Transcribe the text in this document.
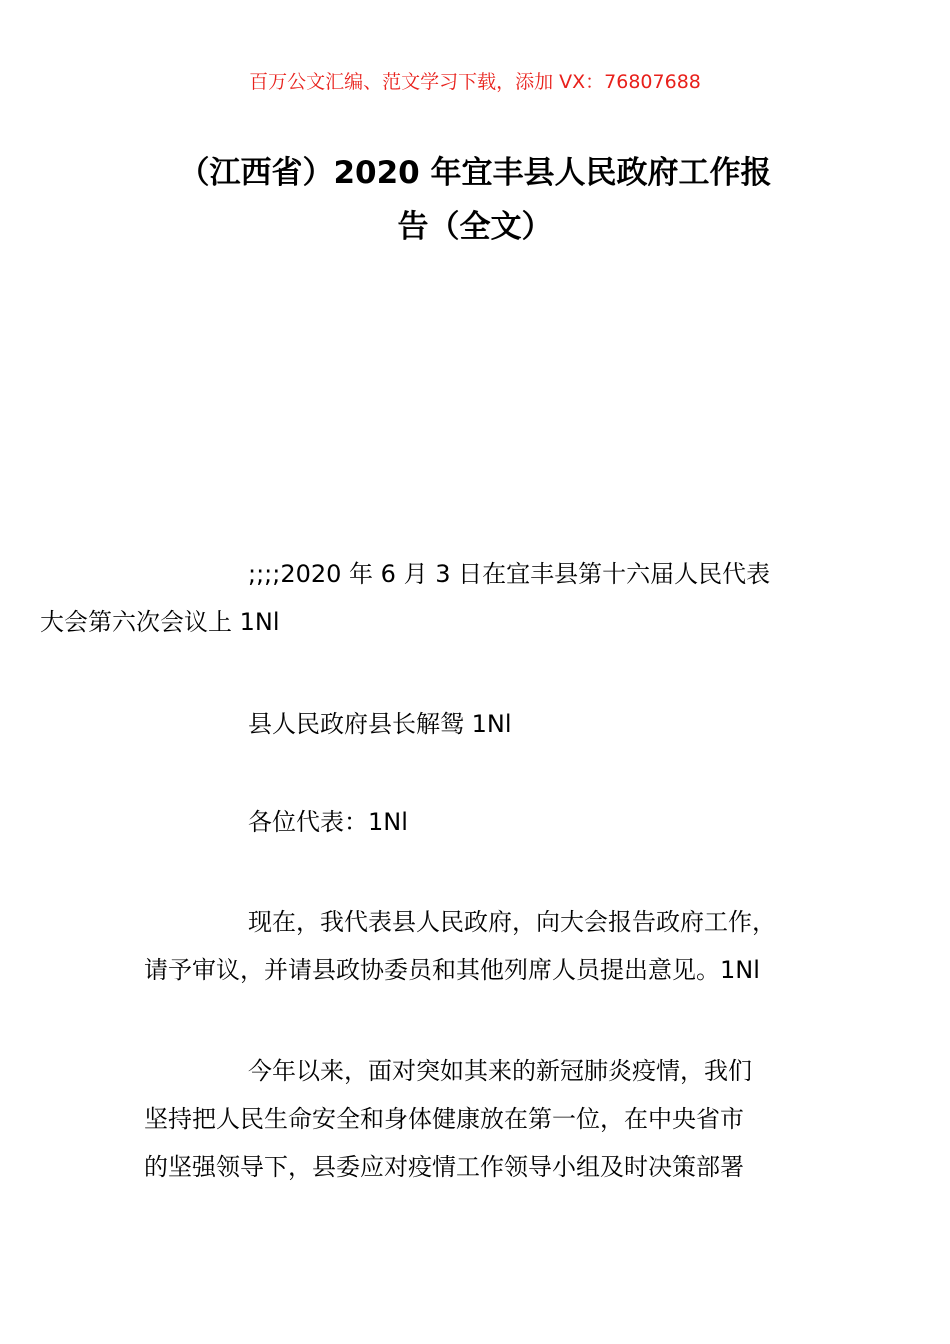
百万公文汇编、范文学习下载，添加 VX：76807688
（江西省）2020 年宜丰县人民政府工作报
告（全文）
;;;;2020 年 6 月 3 日在宜丰县第十六届人民代表
大会第六次会议上 1Nl
县人民政府县长解鸳 1Nl
各位代表：1Nl
现在，我代表县人民政府，向大会报告政府工作，
请予审议，并请县政协委员和其他列席人员提出意见。1Nl
今年以来，面对突如其来的新冠肺炎疫情，我们
坚持把人民生命安全和身体健康放在第一位，在中央省市
的坚强领导下，县委应对疫情工作领导小组及时决策部署
